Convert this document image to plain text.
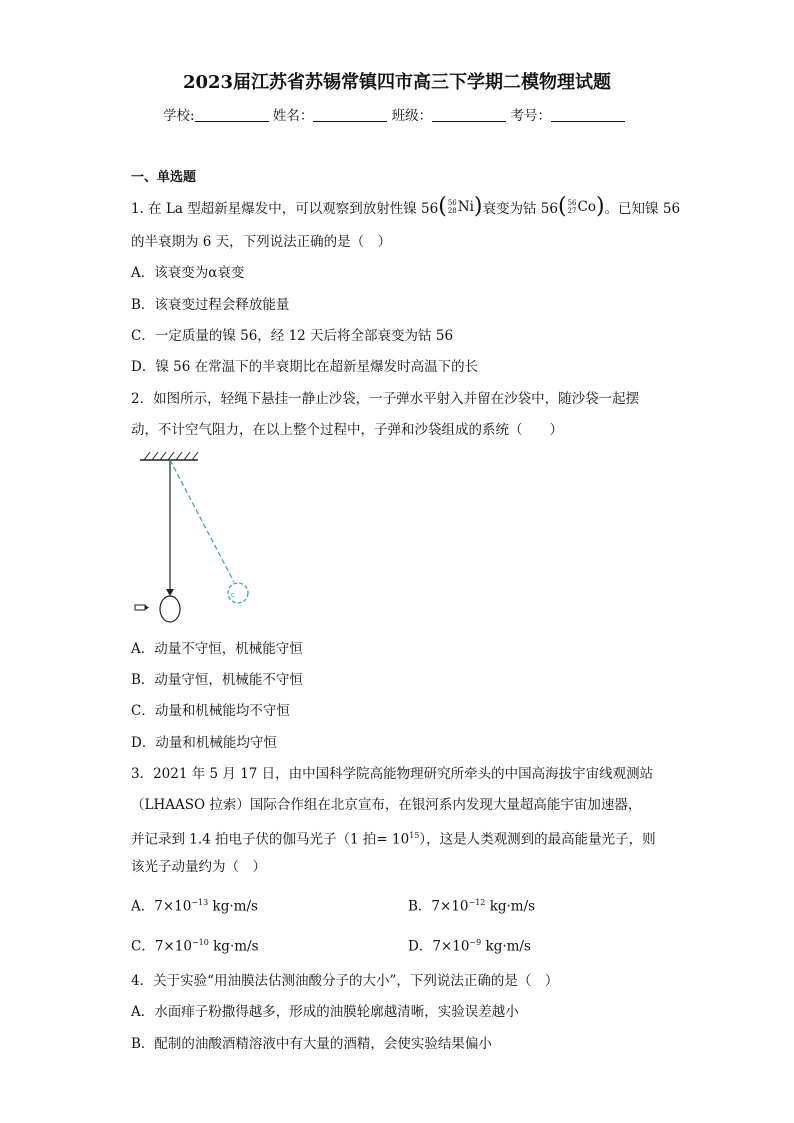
2023届江苏省苏锡常镇四市高三下学期二模物理试题
学校:	姓名：	班级：	考号：
一、单选题
1. 在 La 型超新星爆发中，可以观察到放射性镍 56 ( 56
28 Ni ) 衰变为钴 56 ( 56
27 Co ) 。已知镍 56
的半衰期为 6 天，下列说法正确的是（　）
A．该衰变为α衰变
B．该衰变过程会释放能量
C．一定质量的镍 56，经 12 天后将全部衰变为钴 56
D．镍 56 在常温下的半衰期比在超新星爆发时高温下的长
2．如图所示，轻绳下悬挂一静止沙袋，一子弹水平射入并留在沙袋中，随沙袋一起摆
动，不计空气阻力，在以上整个过程中，子弹和沙袋组成的系统（　　）
c
A．动量不守恒，机械能守恒
B．动量守恒，机械能不守恒
C．动量和机械能均不守恒
D．动量和机械能均守恒
3．2021 年 5 月 17 日，由中国科学院高能物理研究所牵头的中国高海拔宇宙线观测站
（LHAASO 拉索）国际合作组在北京宣布，在银河系内发现大量超高能宇宙加速器，
并记录到 1.4 拍电子伏的伽马光子（1 拍= $10^{15}$），这是人类观测到的最高能量光子，则
该光子动量约为（　）
A．$7\times 10^{-13}$ kg·m/s	B．$7\times 10^{-12}$ kg·m/s
C．$7\times 10^{-10}$ kg·m/s	D．$7\times 10^{-9}$ kg·m/s
4．关于实验“用油膜法估测油酸分子的大小”，下列说法正确的是（　）
A．水面痱子粉撒得越多，形成的油膜轮廓越清晰，实验误差越小
B．配制的油酸酒精溶液中有大量的酒精，会使实验结果偏小
